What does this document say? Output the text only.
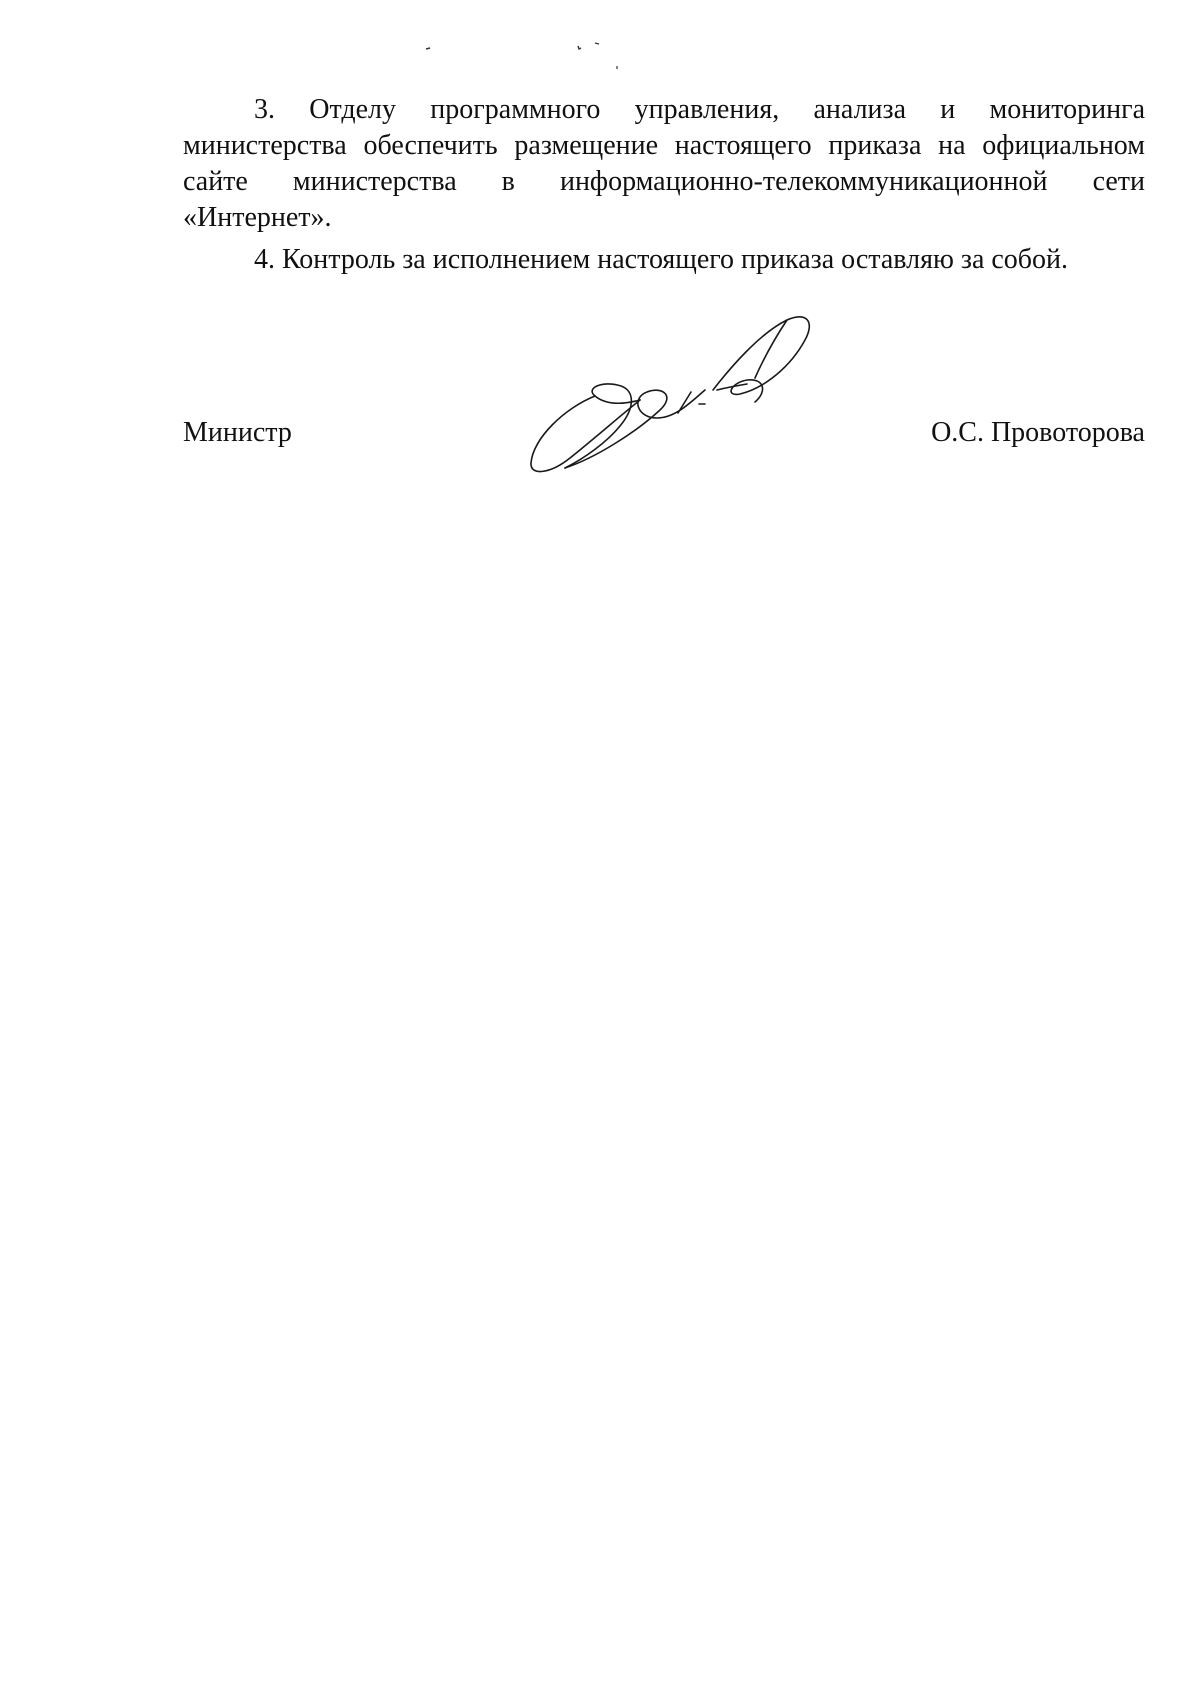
3. Отделу программного управления, анализа и мониторинга министерства обеспечить размещение настоящего приказа на официальном сайте министерства в информационно-телекоммуникационной сети «Интернет».

4. Контроль за исполнением настоящего приказа оставляю за собой.

Министр	О.С. Провоторова
